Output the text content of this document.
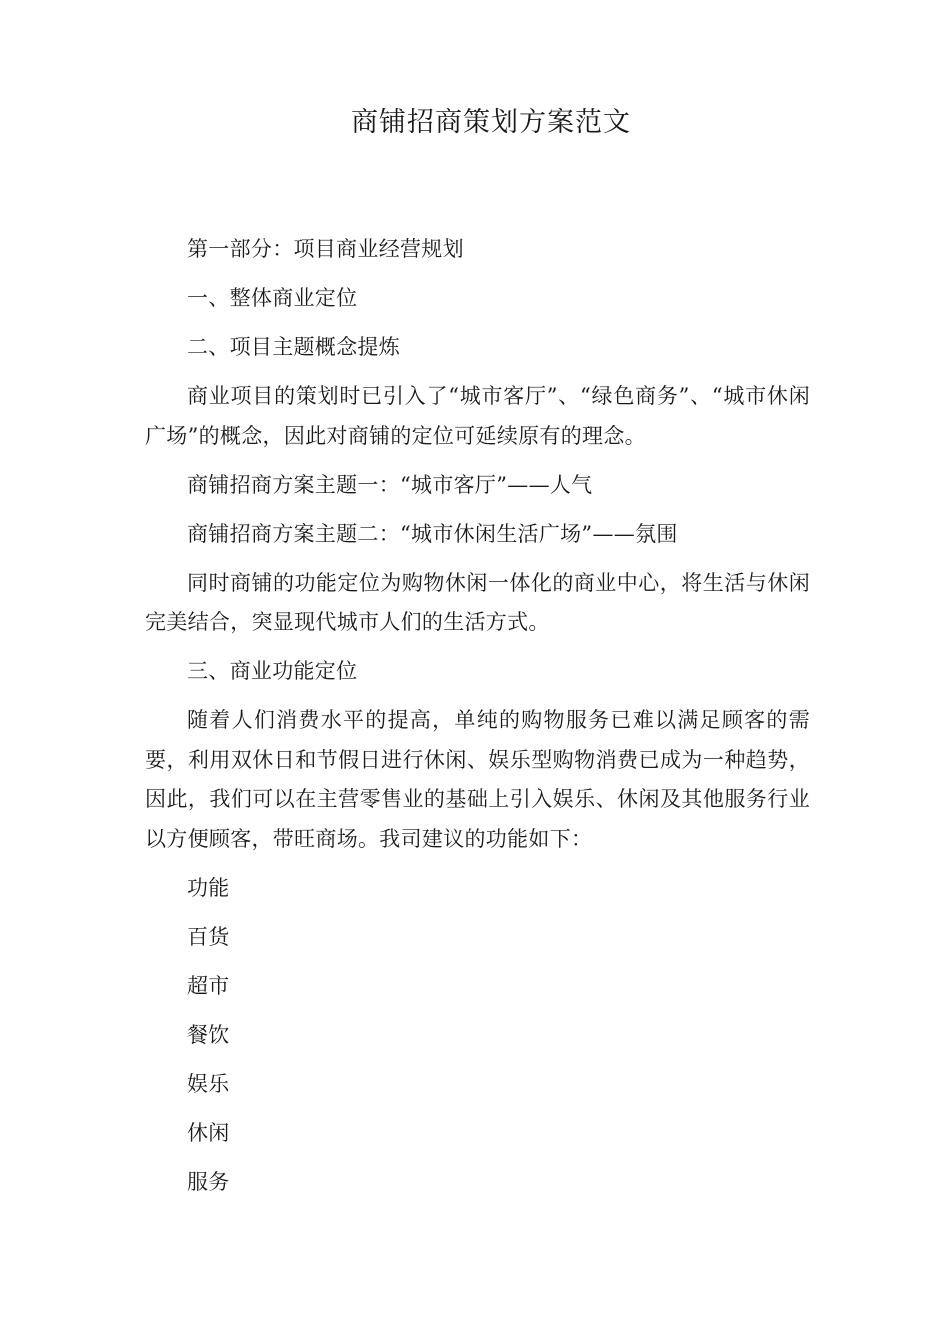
商铺招商策划方案范文

第一部分：项目商业经营规划

一、整体商业定位

二、项目主题概念提炼

商业项目的策划时已引入了“城市客厅”、“绿色商务”、“城市休闲广场”的概念，因此对商铺的定位可延续原有的理念。

商铺招商方案主题一：“城市客厅”——人气

商铺招商方案主题二：“城市休闲生活广场”——氛围

同时商铺的功能定位为购物休闲一体化的商业中心，将生活与休闲完美结合，突显现代城市人们的生活方式。

三、商业功能定位

随着人们消费水平的提高，单纯的购物服务已难以满足顾客的需要，利用双休日和节假日进行休闲、娱乐型购物消费已成为一种趋势，因此，我们可以在主营零售业的基础上引入娱乐、休闲及其他服务行业以方便顾客，带旺商场。我司建议的功能如下：

功能

百货

超市

餐饮

娱乐

休闲

服务
